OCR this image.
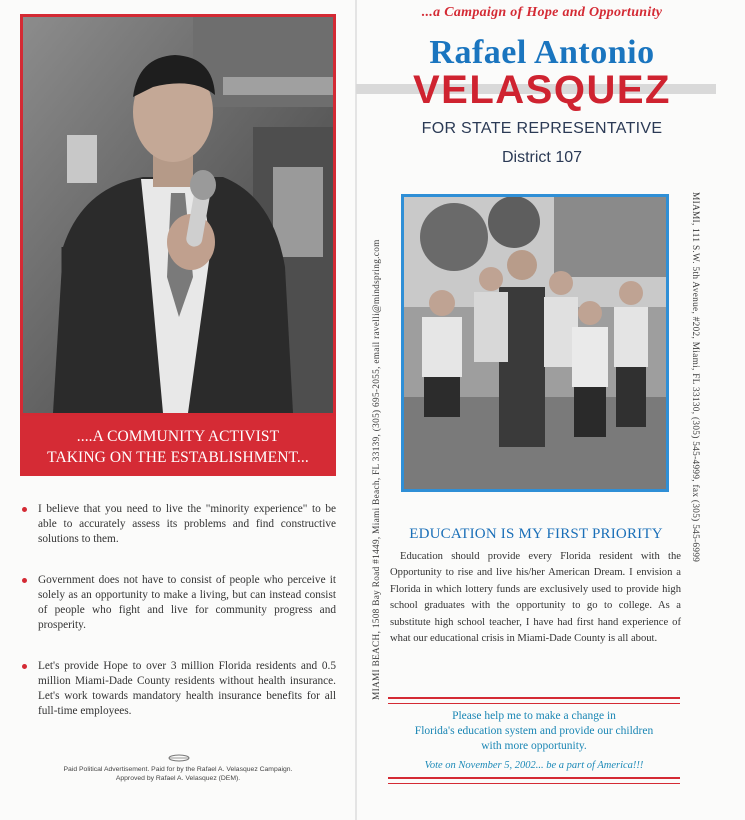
....A COMMUNITY ACTIVIST
TAKING ON THE ESTABLISHMENT...
I believe that you need to live the "minority experience" to be able to accurately assess its problems and find constructive solutions to them.
Government does not have to consist of people who perceive it solely as an opportunity to make a living, but can instead consist of people who fight and live for community progress and prosperity.
Let's provide Hope to over 3 million Florida residents and 0.5 million Miami-Dade County residents without health insurance. Let's work towards mandatory health insurance benefits for all full-time employees.
Paid Political Advertisement. Paid for by the Rafael A. Velasquez Campaign.
Approved by Rafael A. Velasquez (DEM).
...a Campaign of Hope and Opportunity
Rafael Antonio
VELASQUEZ
FOR STATE REPRESENTATIVE
District 107
MIAMI BEACH, 1508 Bay Road #1449, Miami Beach, FL 33139, (305) 695-2055, email ravelli@mindspring.com	MIAMI, 111 S.W. 5th Avenue, #202, Miami, FL 33130, (305) 545-4999, fax (305) 545-6999
EDUCATION IS MY FIRST PRIORITY
Education should provide every Florida resident with the Opportunity to rise and live his/her American Dream. I envision a Florida in which lottery funds are exclusively used to provide high school graduates with the opportunity to go to college. As a substitute high school teacher, I have had first hand experience of what our educational crisis in Miami-Dade County is all about.
Please help me to make a change in
Florida's education system and provide our children
with more opportunity.
Vote on November 5, 2002... be a part of America!!!
